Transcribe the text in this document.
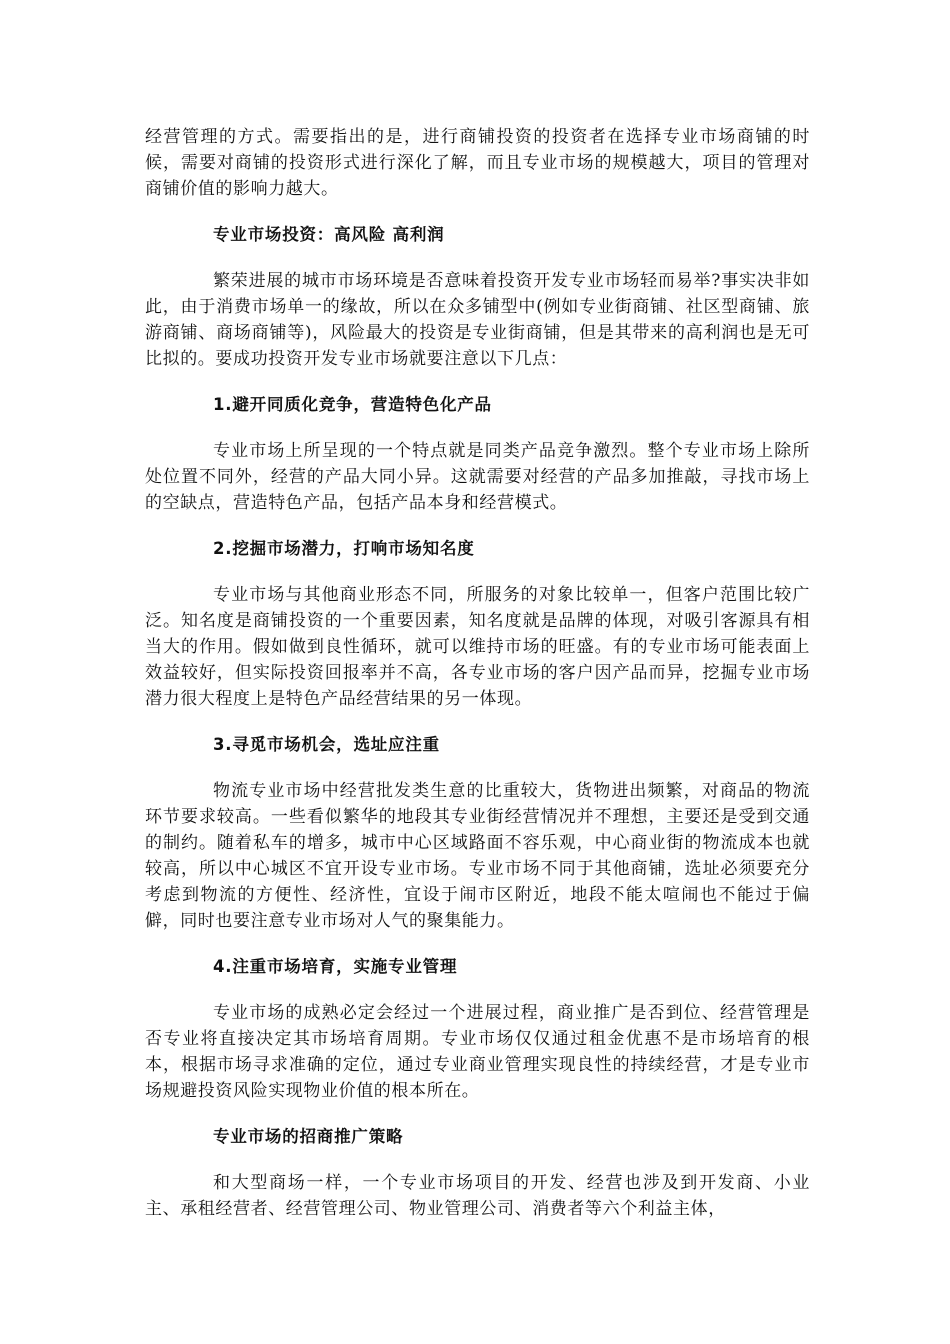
经营管理的方式。需要指出的是，进行商铺投资的投资者在选择专业市场商铺的时候，需要对商铺的投资形式进行深化了解，而且专业市场的规模越大，项目的管理对商铺价值的影响力越大。

专业市场投资：高风险 高利润

繁荣进展的城市市场环境是否意味着投资开发专业市场轻而易举?事实决非如此，由于消费市场单一的缘故，所以在众多铺型中(例如专业街商铺、社区型商铺、旅游商铺、商场商铺等)，风险最大的投资是专业街商铺，但是其带来的高利润也是无可比拟的。要成功投资开发专业市场就要注意以下几点：

1.避开同质化竞争，营造特色化产品

专业市场上所呈现的一个特点就是同类产品竞争激烈。整个专业市场上除所处位置不同外，经营的产品大同小异。这就需要对经营的产品多加推敲，寻找市场上的空缺点，营造特色产品，包括产品本身和经营模式。

2.挖掘市场潜力，打响市场知名度

专业市场与其他商业形态不同，所服务的对象比较单一，但客户范围比较广泛。知名度是商铺投资的一个重要因素，知名度就是品牌的体现，对吸引客源具有相当大的作用。假如做到良性循环，就可以维持市场的旺盛。有的专业市场可能表面上效益较好，但实际投资回报率并不高，各专业市场的客户因产品而异，挖掘专业市场潜力很大程度上是特色产品经营结果的另一体现。

3.寻觅市场机会，选址应注重

物流专业市场中经营批发类生意的比重较大，货物进出频繁，对商品的物流环节要求较高。一些看似繁华的地段其专业街经营情况并不理想，主要还是受到交通的制约。随着私车的增多，城市中心区域路面不容乐观，中心商业街的物流成本也就较高，所以中心城区不宜开设专业市场。专业市场不同于其他商铺，选址必须要充分考虑到物流的方便性、经济性，宜设于闹市区附近，地段不能太喧闹也不能过于偏僻，同时也要注意专业市场对人气的聚集能力。

4.注重市场培育，实施专业管理

专业市场的成熟必定会经过一个进展过程，商业推广是否到位、经营管理是否专业将直接决定其市场培育周期。专业市场仅仅通过租金优惠不是市场培育的根本，根据市场寻求准确的定位，通过专业商业管理实现良性的持续经营，才是专业市场规避投资风险实现物业价值的根本所在。

专业市场的招商推广策略

和大型商场一样，一个专业市场项目的开发、经营也涉及到开发商、小业主、承租经营者、经营管理公司、物业管理公司、消费者等六个利益主体，
